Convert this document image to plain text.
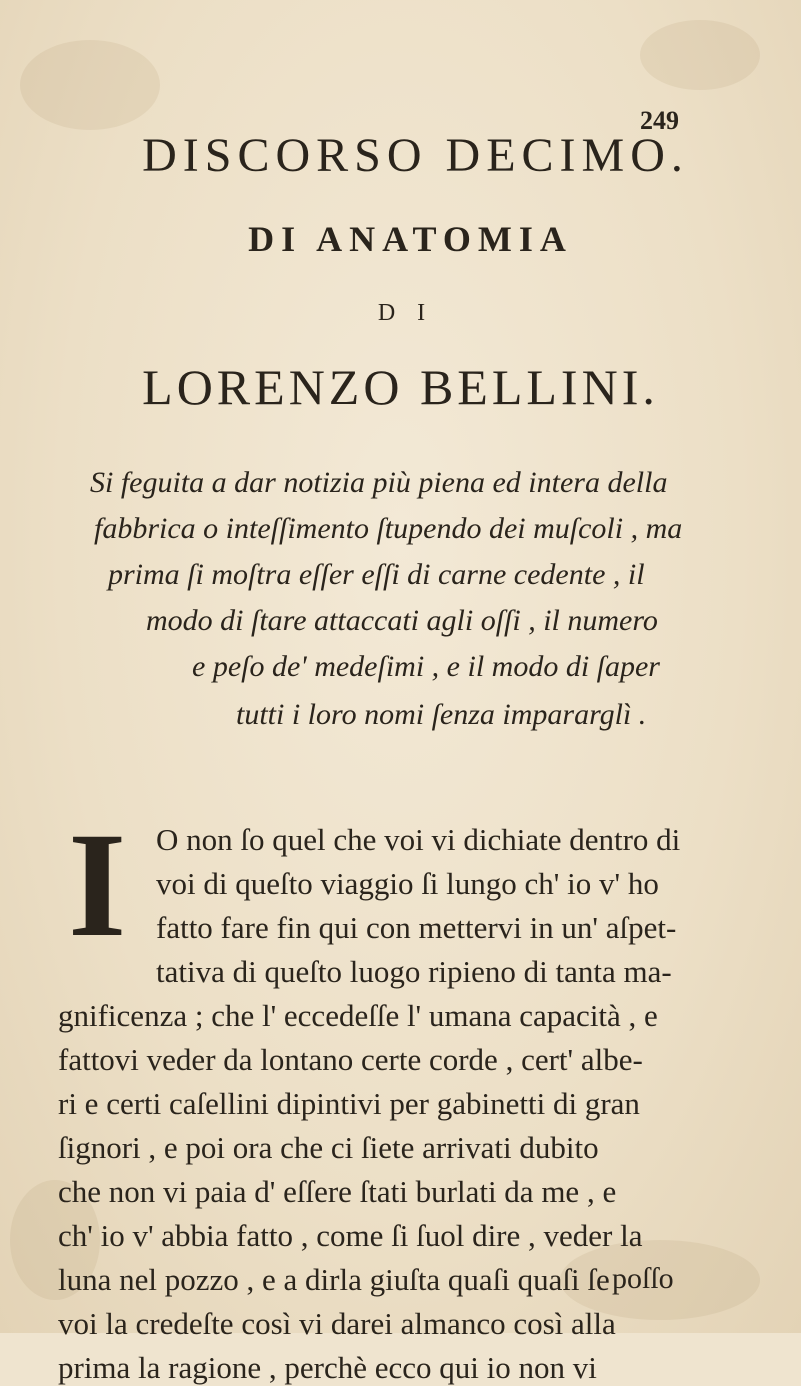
249
DISCORSO DECIMO.
DI ANATOMIA
D I
LORENZO BELLINI.
Si feguita a dar notizia più piena ed intera della
fabbrica o inteſſimento ſtupendo dei muſcoli , ma
prima ſi moſtra eſſer eſſi di carne cedente , il
modo di ſtare attaccati agli oſſi , il numero
e peſo de' medeſimi , e il modo di ſaper
tutti i loro nomi ſenza impararglì .
I O non ſo quel che voi vi dichiate dentro di
voi di queſto viaggio ſi lungo ch' io v' ho
fatto fare fin qui con mettervi in un' aſpet-
tativa di queſto luogo ripieno di tanta ma-
gnificenza ; che l' eccedeſſe l' umana capacità , e
fattovi veder da lontano certe corde , cert' albe-
ri e certi caſellini dipintivi per gabinetti di gran
ſignori , e poi ora che ci ſiete arrivati dubito
che non vi paia d' eſſere ſtati burlati da me , e
ch' io v' abbia fatto , come ſi ſuol dire , veder la
luna nel pozzo , e a dirla giuſta quaſi quaſi ſe
voi la credeſte così vi darei almanco così alla
prima la ragione , perchè ecco qui io non vi
poſſo
